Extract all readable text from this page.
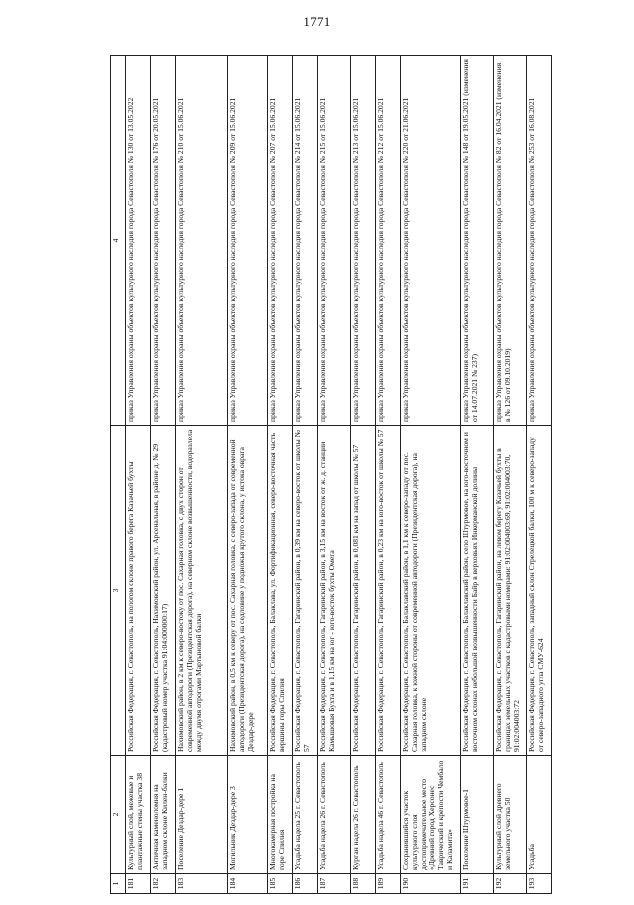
1771
1	2	3	4
181	Культурный слой, межевые и плантажные стены участка 38	Российская Федерация, г. Севастополь, на пологом склоне правого берега Казачьей бухты	приказ Управления охраны объектов культурного наследия города Севастополя № 130 от 13.05.2022
182	Античная каменоломня на западном склоне Килен-балки	Российская Федерация, г. Севастополь, Нахимовский район, ул. Арсенальная, в районе д. № 29 (кадастровый номер участка 91:04:000000:17)	приказ Управления охраны объектов культурного наследия города Севастополя № 176 от 20.05.2021
183	Поселение Дездар-дере 1	Нахимовский район, в 2 км к северо-востоку от пос. Сахарная головка, с двух сторон от современной автодороги (Президентская дорога), на северном склоне возвышенности, водоразлела между двумя отрогами Мартыновой балки	приказ Управления охраны объектов культурного наследия города Севастополя № 210 от 15.06.2021
184	Могильник Дездар-дере 3	Нахимовский район, в 0,5 км к северу от пос. Сахарная головка, с северо-запада от современной автодороги (Президентская дорога), на седловине у подножья крутого склона, у истока оврага Дездар-дере	приказ Управления охраны объектов культурного наследия города Севастополя № 209 от 15.06.2021
185	Многокамерная постройка на горе Спилия	Российская Федерация, г. Севастополь, Балаклава, ул. Фортификационная, северо-восточная часть вершины горы Спилия	приказ Управления охраны объектов культурного наследия города Севастополя № 207 от 15.06.2021
186	Усадьба надела 25 г. Севастополь	Российская Федерация, г. Севастополь, Гагаринский район, в 0,39 км на северо-восток от школы № 57	приказ Управления охраны объектов культурного наследия города Севастополя № 214 от 15.06.2021
187	Усадьба надела 26 г. Севастополь	Российская Федерация, г. Севастополь, Гагаринский район, в 3,15 км на восток от ж. д. станции Камышовая Бухта и в 1,15 км на юг - юго-восток бухты Омега	приказ Управления охраны объектов культурного наследия города Севастополя № 215 от 15.06.2021
188	Курган надела 26 г. Севастополь	Российская Федерация, г. Севастополь, Гагаринский район, в 0,081 км на запад от школы № 57	приказ Управления охраны объектов культурного наследия города Севастополя № 213 от 15.06.2021
189	Усадьба надела 46 г. Севастополь	Российская Федерация, г. Севастополь, Гагаринский район, в 0,23 км на юго-восток от школы № 57	приказ Управления охраны объектов культурного наследия города Севастополя № 212 от 15.06.2021
190	Сохранившийся участок культурного слоя достопримечательное место «Древний город Херсонес Таврический и крепости Чембало и Каламита»	Российская Федерация, г. Севастополь, Балаклавский район, в 1,1 км к северо-западу от пос. Сахарная головка, к южной стороны от современной автодороги (Президентская дорога), на западном склоне	приказ Управления охраны объектов культурного наследия города Севастополя № 220 от 21.06.2021
191	Поселение Штурмовое-1	Российская Федерация, г. Севастополь, Балаклавский район, село Штурмовое, на юго-восточном и восточном склонах небольшой возвышенности Байр в верховьях Инкерманской долины	приказ Управления охраны объектов культурного наследия города Севастополя № 148 от 19.05.2021 (изменения от 14.07.2021 № 237)
192	Культурный слой древнего земельного участка 50	Российская Федерация, г. Севастополь, Гагаринский район, на левом берегу Казачьей бухты в границах земельных участков с кадастровыми номерами: 91:02:004003:69, 91:02:004003:70, 91:02:004003:72	приказ Управления охраны объектов культурного наследия города Севастополя № 82 от 16.04.2021 (изменения в № 126 от 09.10.2019)
193	Усадьба	Российская Федерация, г. Севастополь, западный склон Стрелецкой балки, 100 м к северо-западу от северо-западного угла СМУ-624	приказ Управления охраны объектов культурного наследия города Севастополя № 253 от 16.08.2021
